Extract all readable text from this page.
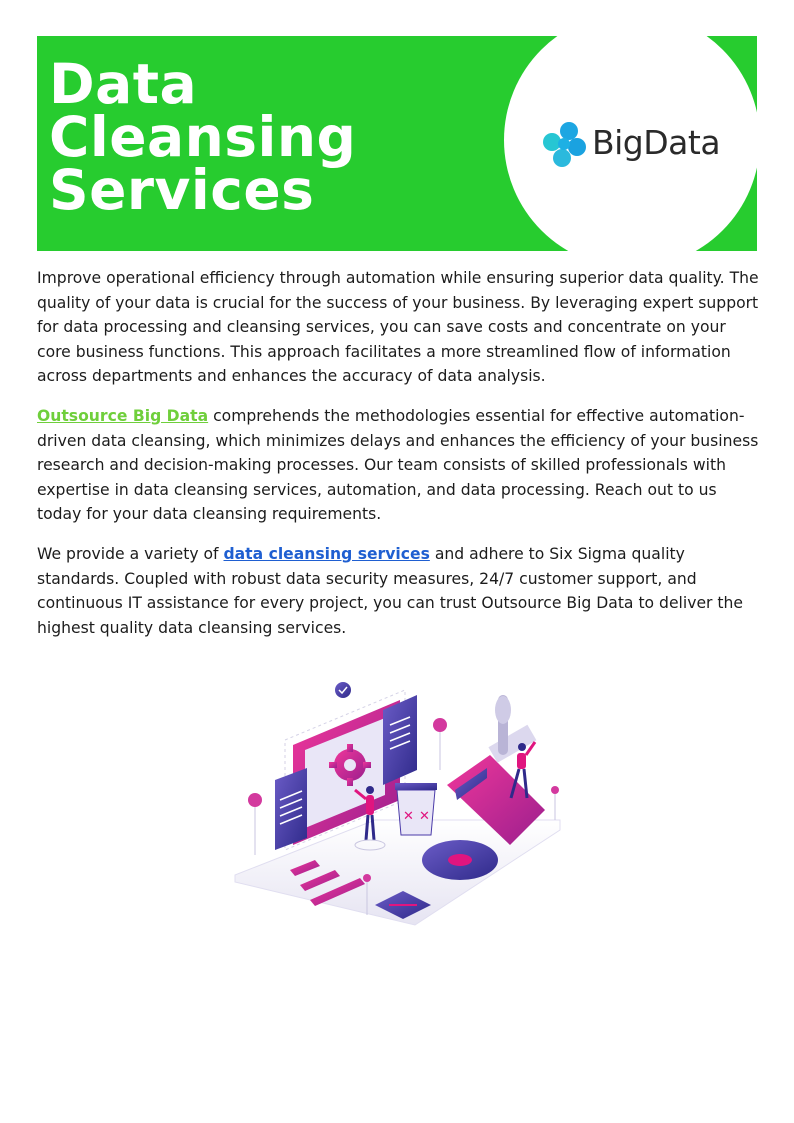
Data
Cleansing
Services
BigData

Improve operational efficiency through automation while ensuring superior data quality. The quality of your data is crucial for the success of your business. By leveraging expert support for data processing and cleansing services, you can save costs and concentrate on your core business functions. This approach facilitates a more streamlined flow of information across departments and enhances the accuracy of data analysis.

Outsource Big Data comprehends the methodologies essential for effective automation-driven data cleansing, which minimizes delays and enhances the efficiency of your business research and decision-making processes. Our team consists of skilled professionals with expertise in data cleansing services, automation, and data processing. Reach out to us today for your data cleansing requirements.

We provide a variety of data cleansing services and adhere to Six Sigma quality standards. Coupled with robust data security measures, 24/7 customer support, and continuous IT assistance for every project, you can trust Outsource Big Data to deliver the highest quality data cleansing services.

✕ ✕
